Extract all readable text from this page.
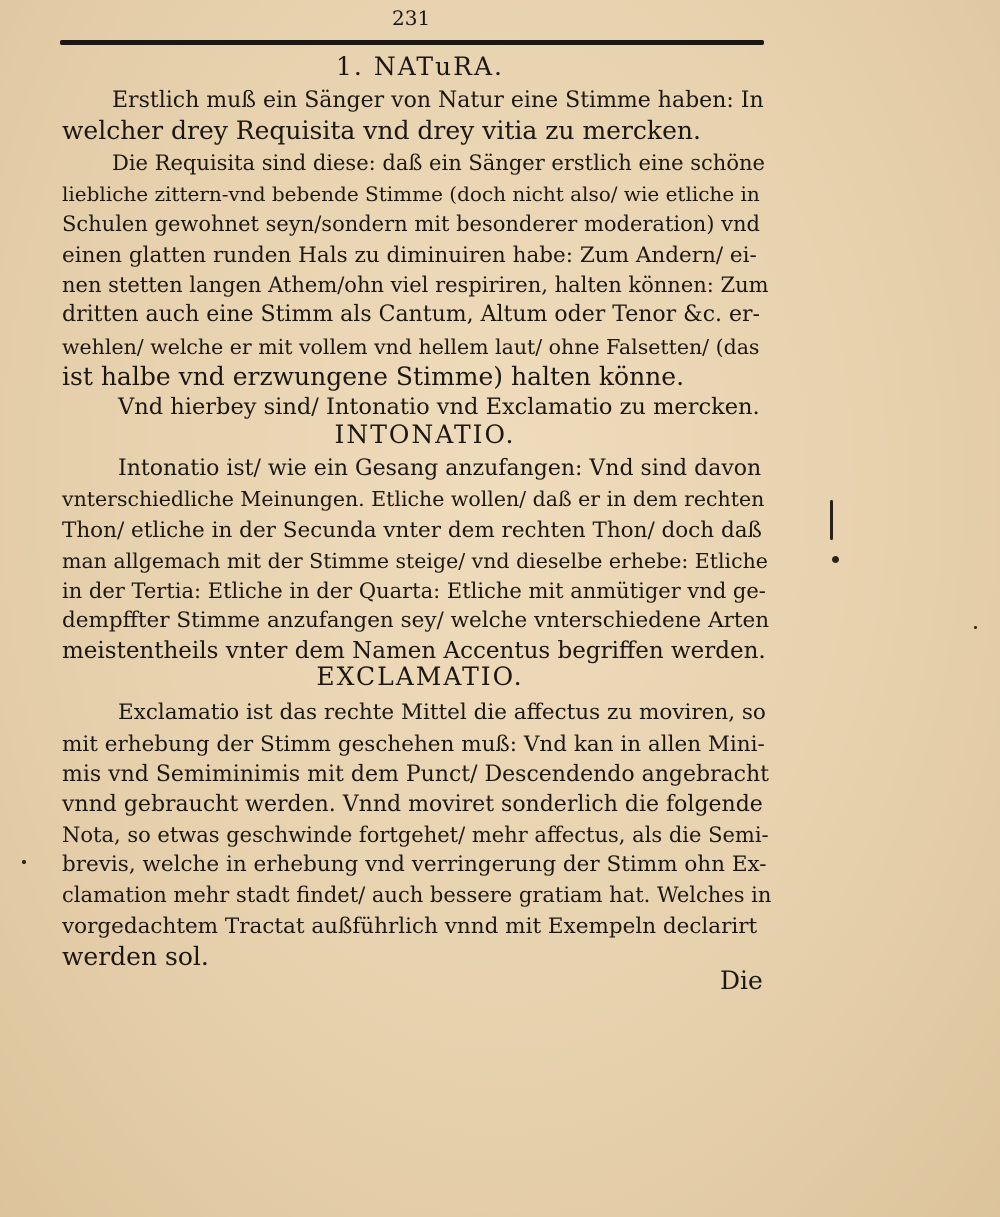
231
1. NATuRA.
Erstlich muß ein Sänger von Natur eine Stimme haben: In
welcher drey Requisita vnd drey vitia zu mercken.
Die Requisita sind diese: daß ein Sänger erstlich eine schöne
liebliche zittern-vnd bebende Stimme (doch nicht also/ wie etliche in
Schulen gewohnet seyn/sondern mit besonderer moderation) vnd
einen glatten runden Hals zu diminuiren habe: Zum Andern/ ei-
nen stetten langen Athem/ohn viel respiriren, halten können: Zum
dritten auch eine Stimm als Cantum, Altum oder Tenor &c. er-
wehlen/ welche er mit vollem vnd hellem laut/ ohne Falsetten/ (das
ist halbe vnd erzwungene Stimme) halten könne.
Vnd hierbey sind/ Intonatio vnd Exclamatio zu mercken.
INTONATIO.
Intonatio ist/ wie ein Gesang anzufangen: Vnd sind davon
vnterschiedliche Meinungen. Etliche wollen/ daß er in dem rechten
Thon/ etliche in der Secunda vnter dem rechten Thon/ doch daß
man allgemach mit der Stimme steige/ vnd dieselbe erhebe: Etliche
in der Tertia: Etliche in der Quarta: Etliche mit anmütiger vnd ge-
dempffter Stimme anzufangen sey/ welche vnterschiedene Arten
meistentheils vnter dem Namen Accentus begriffen werden.
EXCLAMATIO.
Exclamatio ist das rechte Mittel die affectus zu moviren, so
mit erhebung der Stimm geschehen muß: Vnd kan in allen Mini-
mis vnd Semiminimis mit dem Punct/ Descendendo angebracht
vnnd gebraucht werden. Vnnd moviret sonderlich die folgende
Nota, so etwas geschwinde fortgehet/ mehr affectus, als die Semi-
brevis, welche in erhebung vnd verringerung der Stimm ohn Ex-
clamation mehr stadt findet/ auch bessere gratiam hat. Welches in
vorgedachtem Tractat außführlich vnnd mit Exempeln declarirt
werden sol.
Die
